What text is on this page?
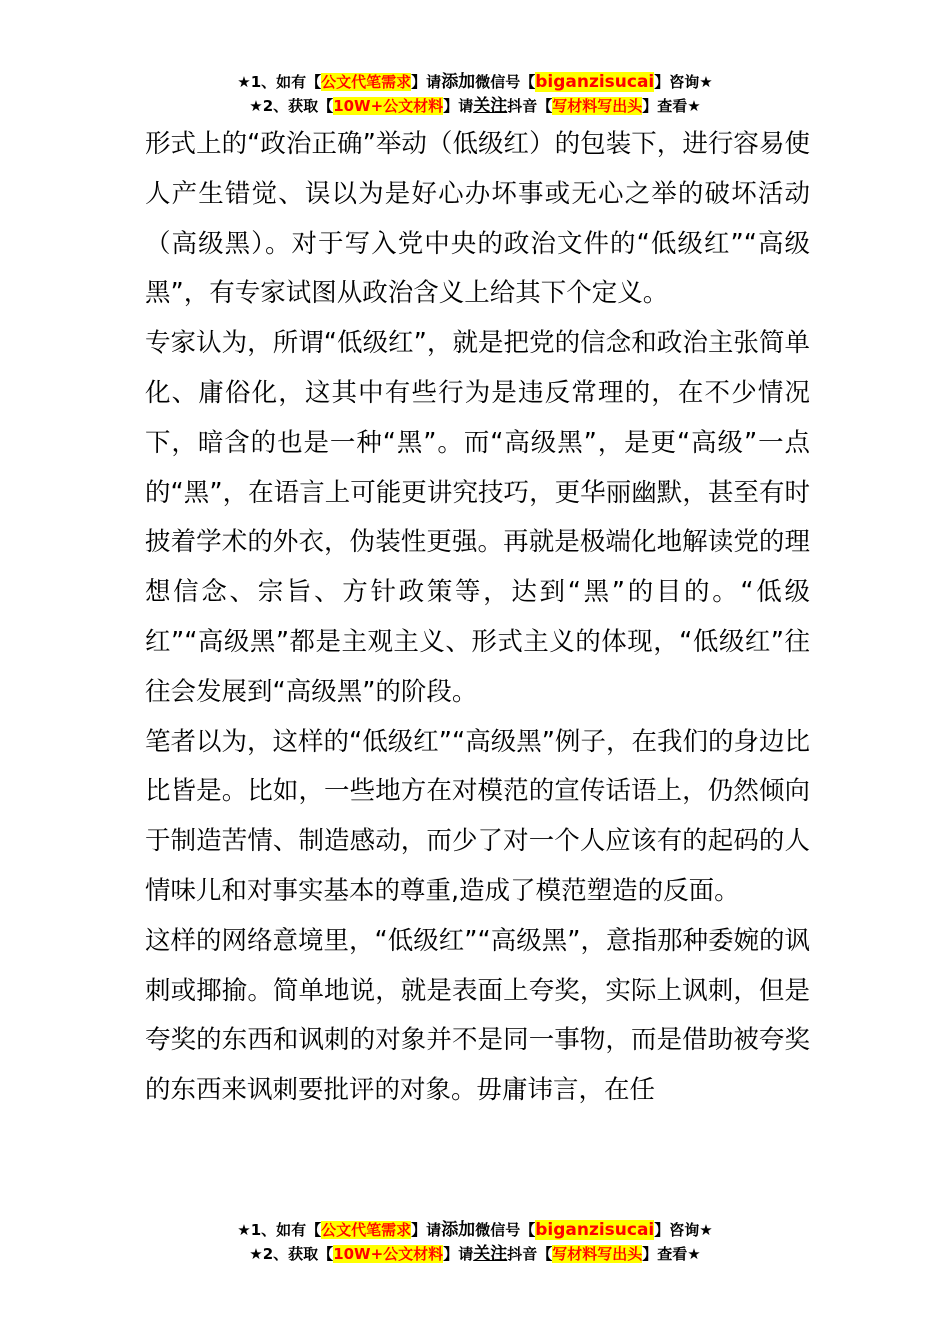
★1、如有【公文代笔需求】请添加微信号【biganzisucai】咨询★
★2、获取【10W+公文材料】请关注抖音【写材料写出头】查看★

形式上的“政治正确”举动（低级红）的包装下，进行容易使人产生错觉、误以为是好心办坏事或无心之举的破坏活动（高级黑）。对于写入党中央的政治文件的“低级红”“高级黑”，有专家试图从政治含义上给其下个定义。

专家认为，所谓“低级红”，就是把党的信念和政治主张简单化、庸俗化，这其中有些行为是违反常理的，在不少情况下，暗含的也是一种“黑”。而“高级黑”，是更“高级”一点的“黑”，在语言上可能更讲究技巧，更华丽幽默，甚至有时披着学术的外衣，伪装性更强。再就是极端化地解读党的理想信念、宗旨、方针政策等，达到“黑”的目的。“低级红”“高级黑”都是主观主义、形式主义的体现，“低级红”往往会发展到“高级黑”的阶段。

笔者以为，这样的“低级红”“高级黑”例子，在我们的身边比比皆是。比如，一些地方在对模范的宣传话语上，仍然倾向于制造苦情、制造感动，而少了对一个人应该有的起码的人情味儿和对事实基本的尊重,造成了模范塑造的反面。

这样的网络意境里，“低级红”“高级黑”，意指那种委婉的讽刺或揶揄。简单地说，就是表面上夸奖，实际上讽刺，但是夸奖的东西和讽刺的对象并不是同一事物，而是借助被夸奖的东西来讽刺要批评的对象。毋庸讳言，在任

★1、如有【公文代笔需求】请添加微信号【biganzisucai】咨询★
★2、获取【10W+公文材料】请关注抖音【写材料写出头】查看★
